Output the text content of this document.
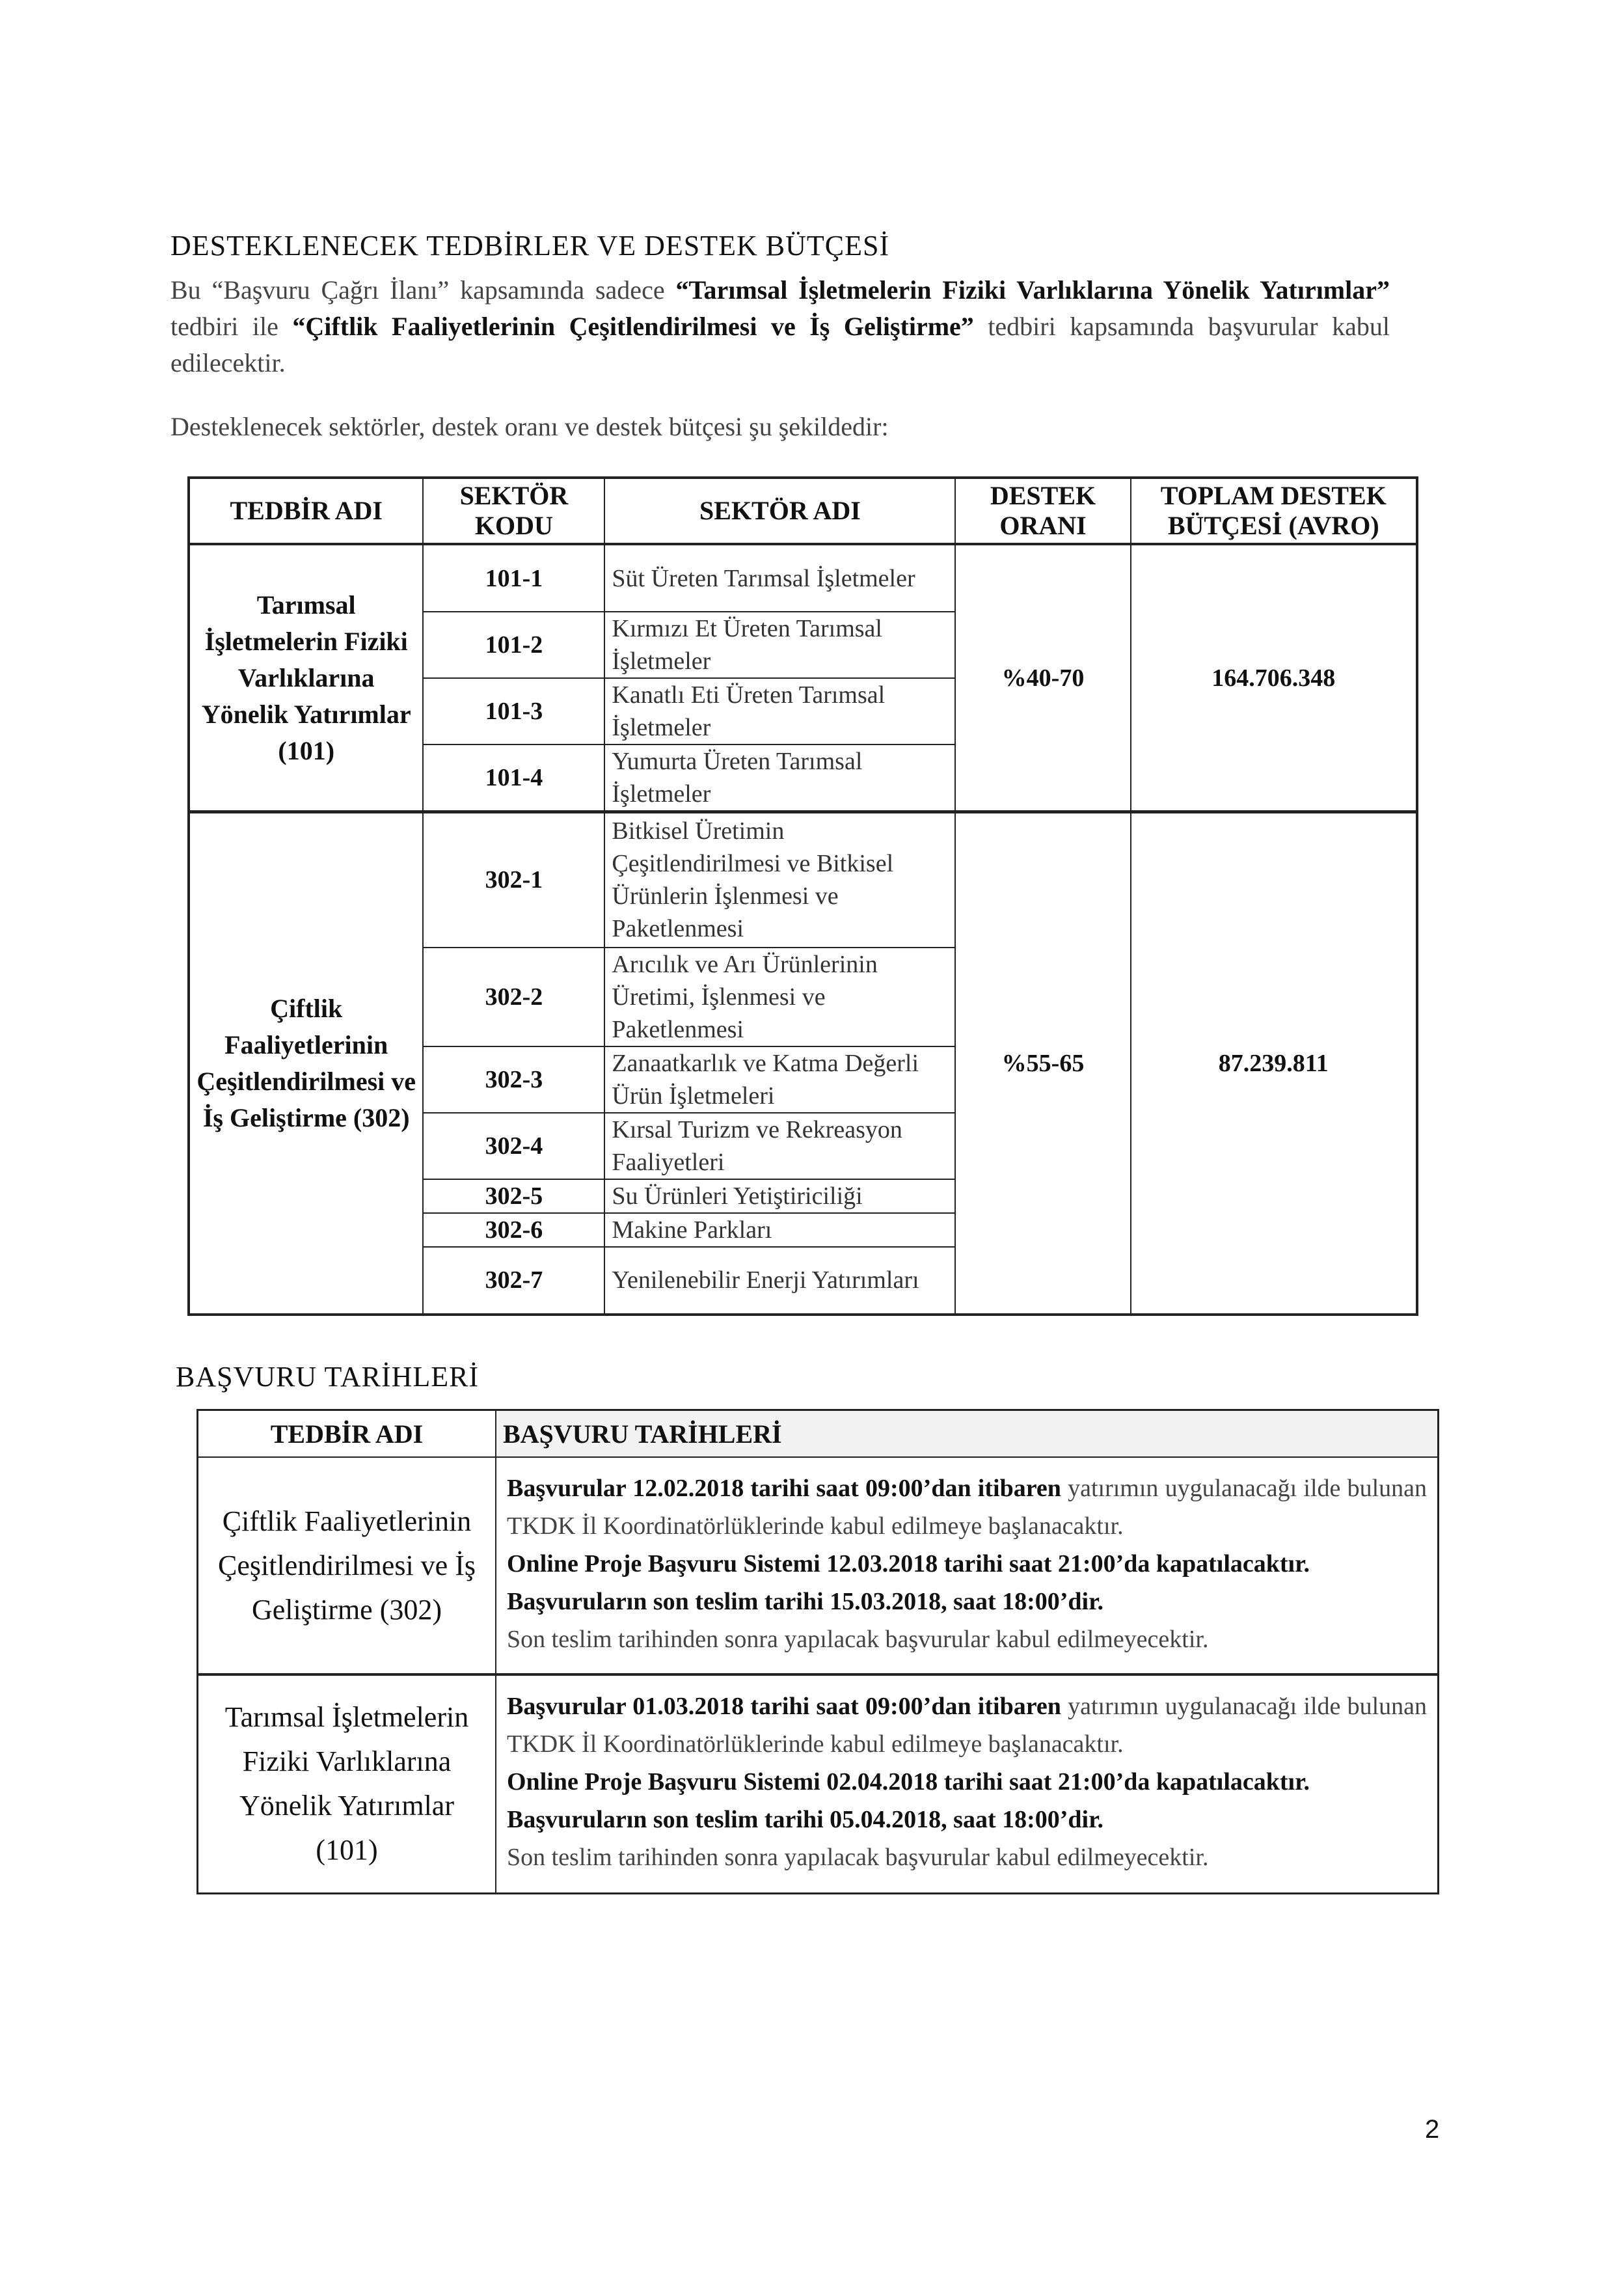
DESTEKLENECEK TEDBİRLER VE DESTEK BÜTÇESİ
Bu “Başvuru Çağrı İlanı” kapsamında sadece “Tarımsal İşletmelerin Fiziki Varlıklarına Yönelik Yatırımlar” tedbiri ile “Çiftlik Faaliyetlerinin Çeşitlendirilmesi ve İş Geliştirme” tedbiri kapsamında başvurular kabul edilecektir.
Desteklenecek sektörler, destek oranı ve destek bütçesi şu şekildedir:
TEDBİR ADI	SEKTÖR KODU	SEKTÖR ADI	DESTEK ORANI	TOPLAM DESTEK BÜTÇESİ (AVRO)
Tarımsal İşletmelerin Fiziki Varlıklarına Yönelik Yatırımlar (101)	101-1	Süt Üreten Tarımsal İşletmeler	%40-70	164.706.348
	101-2	Kırmızı Et Üreten Tarımsal İşletmeler		
	101-3	Kanatlı Eti Üreten Tarımsal İşletmeler		
	101-4	Yumurta Üreten Tarımsal İşletmeler		
Çiftlik Faaliyetlerinin Çeşitlendirilmesi ve İş Geliştirme (302)	302-1	Bitkisel Üretimin Çeşitlendirilmesi ve Bitkisel Ürünlerin İşlenmesi ve Paketlenmesi	%55-65	87.239.811
	302-2	Arıcılık ve Arı Ürünlerinin Üretimi, İşlenmesi ve Paketlenmesi		
	302-3	Zanaatkarlık ve Katma Değerli Ürün İşletmeleri		
	302-4	Kırsal Turizm ve Rekreasyon Faaliyetleri		
	302-5	Su Ürünleri Yetiştiriciliği		
	302-6	Makine Parkları		
	302-7	Yenilenebilir Enerji Yatırımları		
BAŞVURU TARİHLERİ
TEDBİR ADI	BAŞVURU TARİHLERİ
Çiftlik Faaliyetlerinin Çeşitlendirilmesi ve İş Geliştirme (302)	Başvurular 12.02.2018 tarihi saat 09:00’dan itibaren yatırımın uygulanacağı ilde bulunan TKDK İl Koordinatörlüklerinde kabul edilmeye başlanacaktır.
Online Proje Başvuru Sistemi 12.03.2018 tarihi saat 21:00’da kapatılacaktır.
Başvuruların son teslim tarihi 15.03.2018, saat 18:00’dir.
Son teslim tarihinden sonra yapılacak başvurular kabul edilmeyecektir.
Tarımsal İşletmelerin Fiziki Varlıklarına Yönelik Yatırımlar (101)	Başvurular 01.03.2018 tarihi saat 09:00’dan itibaren yatırımın uygulanacağı ilde bulunan TKDK İl Koordinatörlüklerinde kabul edilmeye başlanacaktır.
Online Proje Başvuru Sistemi 02.04.2018 tarihi saat 21:00’da kapatılacaktır.
Başvuruların son teslim tarihi 05.04.2018, saat 18:00’dir.
Son teslim tarihinden sonra yapılacak başvurular kabul edilmeyecektir.
2
